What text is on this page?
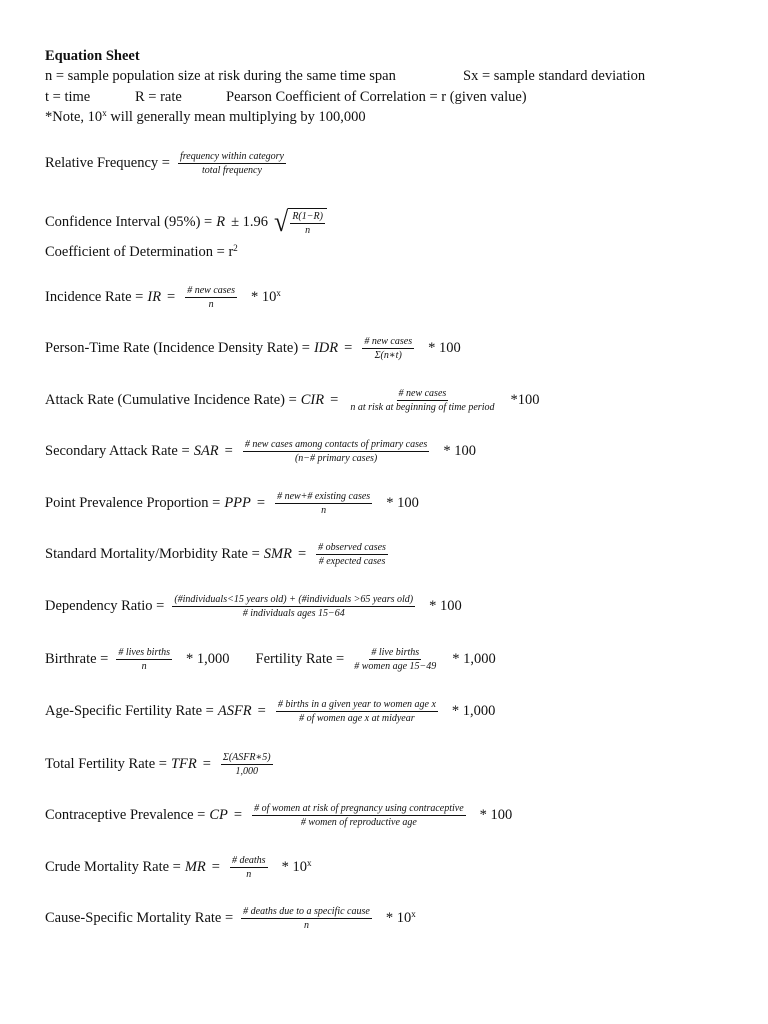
Equation Sheet
n = sample population size at risk during the same time span	Sx = sample standard deviation
t = time	R = rate	Pearson Coefficient of Correlation = r (given value)
*Note, 10$^x$ will generally mean multiplying by 100,000
Relative Frequency = $\frac{\text{frequency within category}}{\text{total frequency}}$
Confidence Interval (95%) = R ± 1.96 √ $\frac{R(1-R)}{n}$
Coefficient of Determination = $r^2$
Incidence Rate = IR = $\frac{\text{\# new cases}}{n} * 10^x$
Person-Time Rate (Incidence Density Rate) = IDR = $\frac{\text{\# new cases}}{\Sigma(n∗t)} * 100$
Attack Rate (Cumulative Incidence Rate) = CIR = $\frac{\text{\# new cases}}{\text{n at risk at beginning of time period}} *100$
Secondary Attack Rate = SAR = $\frac{\text{\# new cases among contacts of primary cases}}{\text{(n−\# primary cases)}} * 100$
Point Prevalence Proportion = PPP = $\frac{\text{\# new+\# existing cases}}{n} * 100$
Standard Mortality/Morbidity Rate = SMR = $\frac{\text{\# observed cases}}{\text{\# expected cases}}$
Dependency Ratio = $\frac{\text{(\#individuals<15 years old) + (\#individuals >65 years old)}}{\text{\# individuals ages 15−64}} * 100$
Birthrate = $\frac{\text{\# lives births}}{n} * 1,000$ Fertility Rate = $\frac{\text{\# live births}}{\text{\# women age 15−49}} * 1,000$
Age-Specific Fertility Rate = ASFR = $\frac{\text{\# births in a given year to women age x}}{\text{\# of women age x at midyear}} * 1,000$
Total Fertility Rate = TFR = $\frac{\text{Σ(ASFR∗5)}}{1,000}$
Contraceptive Prevalence = CP = $\frac{\text{\# of women at risk of pregnancy using contraceptive}}{\text{\# women of reproductive age}} * 100$
Crude Mortality Rate = MR = $\frac{\text{\# deaths}}{n} * 10^x$
Cause-Specific Mortality Rate = $\frac{\text{\# deaths due to a specific cause}}{n} * 10^x$
